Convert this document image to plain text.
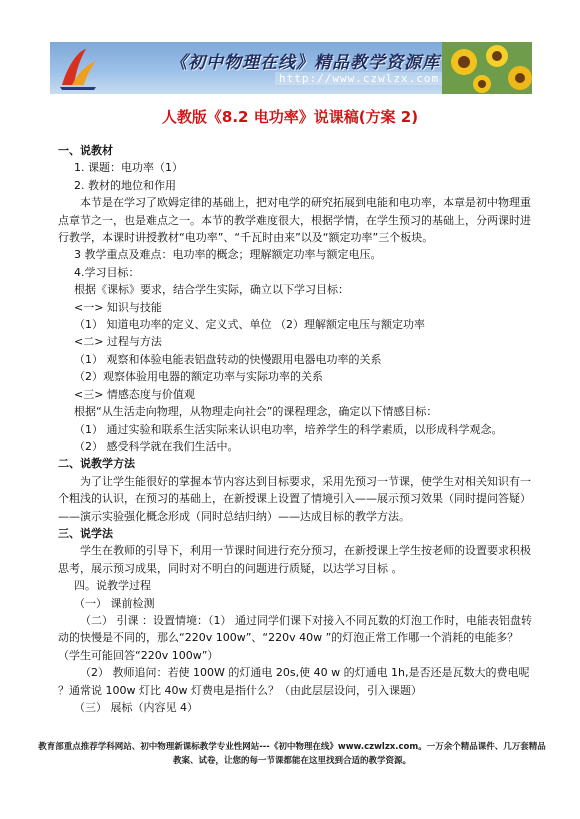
《初中物理在线》精品教学资源库
http://www.czwlzx.com
人教版《8.2 电功率》说课稿(方案 2)

一、说教材

1. 课题：电功率（1）

2. 教材的地位和作用

本节是在学习了欧姆定律的基础上，把对电学的研究拓展到电能和电功率，本章是初中物理重点章节之一，也是难点之一。本节的教学难度很大，根据学情，在学生预习的基础上，分两课时进行教学，本课时讲授教材“电功率”、“千瓦时由来”以及“额定功率”三个板块。

3 教学重点及难点：电功率的概念；理解额定功率与额定电压。

4.学习目标：

根据《课标》要求，结合学生实际，确立以下学习目标：

<一> 知识与技能

（1） 知道电功率的定义、定义式、单位 （2）理解额定电压与额定功率

<二> 过程与方法

（1） 观察和体验电能表铝盘转动的快慢跟用电器电功率的关系

（2）观察体验用电器的额定功率与实际功率的关系

<三> 情感态度与价值观

根据“从生活走向物理，从物理走向社会”的课程理念，确定以下情感目标：

（1） 通过实验和联系生活实际来认识电功率，培养学生的科学素质，以形成科学观念。

（2） 感受科学就在我们生活中。

二、说教学方法

为了让学生能很好的掌握本节内容达到目标要求，采用先预习一节课，使学生对相关知识有一个粗浅的认识，在预习的基础上，在新授课上设置了情境引入——展示预习效果（同时提问答疑）——演示实验强化概念形成（同时总结归纳）——达成目标的教学方法。

三、说学法

学生在教师的引导下，利用一节课时间进行充分预习，在新授课上学生按老师的设置要求积极思考，展示预习成果，同时对不明白的问题进行质疑，以达学习目标 。

四。说教学过程

（一） 课前检测

（二） 引课 ：设置情境：（1） 通过同学们课下对接入不同瓦数的灯泡工作时，电能表铝盘转动的快慢是不同的，那么“220v 100w”、“220v 40w ”的灯泡正常工作哪一个消耗的电能多？（学生可能回答“220v 100w”）

（2） 教师追问：若使 100W 的灯通电 20s,使 40 w 的灯通电 1h,是否还是瓦数大的费电呢 ？通常说 100w 灯比 40w 灯费电是指什么？（由此层层设问，引入课题）

（三） 展标（内容见 4）

教育部重点推荐学科网站、初中物理新课标教学专业性网站---《初中物理在线》www.czwlzx.com。一万余个精品课件、几万套精品教案、试卷，让您的每一节课都能在这里找到合适的教学资源。
